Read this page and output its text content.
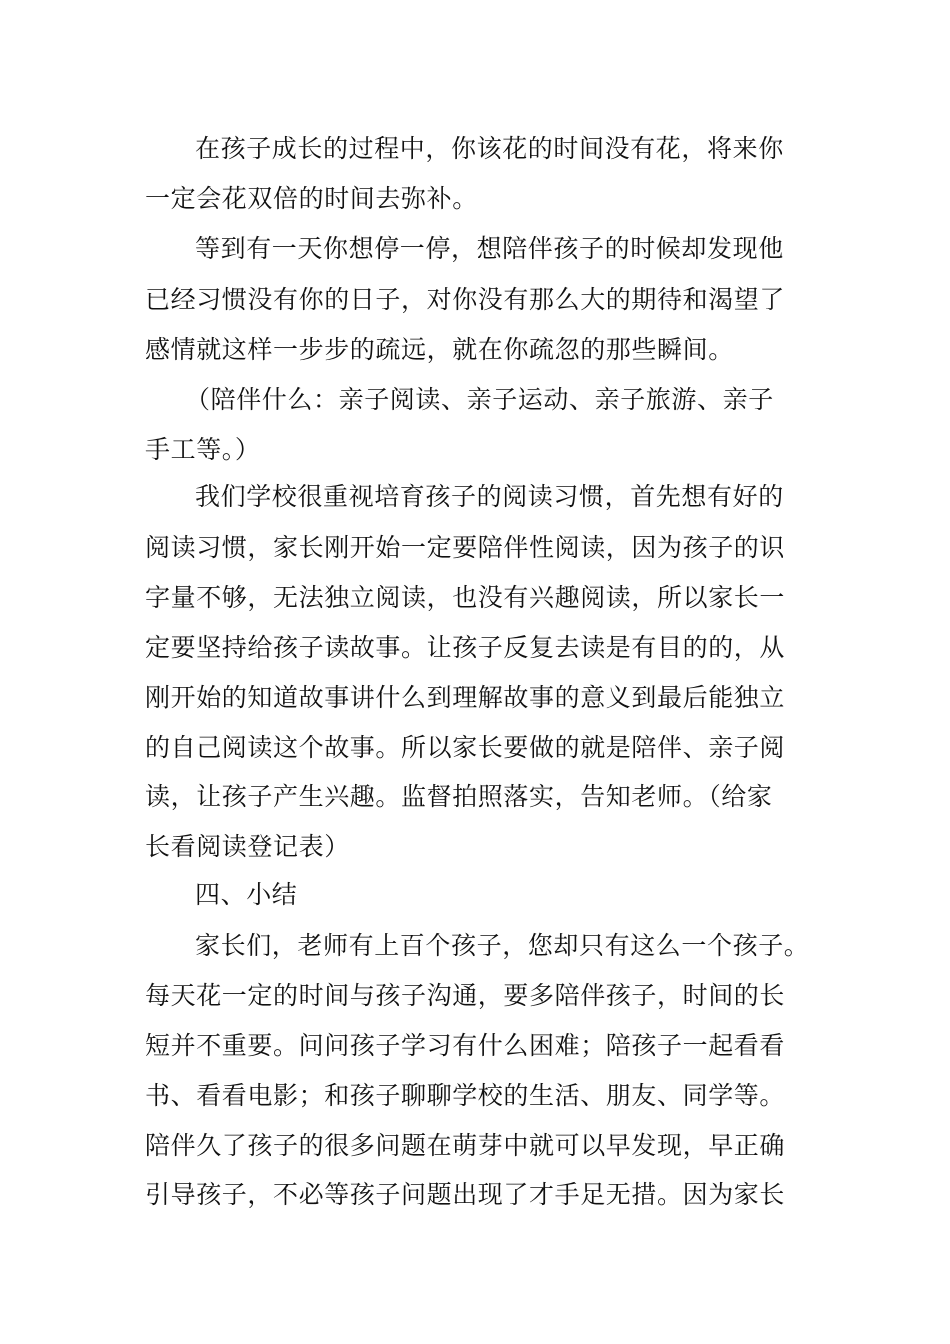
在孩子成长的过程中，你该花的时间没有花，将来你
一定会花双倍的时间去弥补。
等到有一天你想停一停，想陪伴孩子的时候却发现他
已经习惯没有你的日子，对你没有那么大的期待和渴望了
感情就这样一步步的疏远，就在你疏忽的那些瞬间。
（陪伴什么：亲子阅读、亲子运动、亲子旅游、亲子
手工等。）
我们学校很重视培育孩子的阅读习惯，首先想有好的
阅读习惯，家长刚开始一定要陪伴性阅读，因为孩子的识
字量不够，无法独立阅读，也没有兴趣阅读，所以家长一
定要坚持给孩子读故事。让孩子反复去读是有目的的，从
刚开始的知道故事讲什么到理解故事的意义到最后能独立
的自己阅读这个故事。所以家长要做的就是陪伴、亲子阅
读，让孩子产生兴趣。监督拍照落实，告知老师。（给家
长看阅读登记表）
四、小结
家长们，老师有上百个孩子，您却只有这么一个孩子。
每天花一定的时间与孩子沟通，要多陪伴孩子，时间的长
短并不重要。问问孩子学习有什么困难；陪孩子一起看看
书、看看电影；和孩子聊聊学校的生活、朋友、同学等。
陪伴久了孩子的很多问题在萌芽中就可以早发现，早正确
引导孩子，不必等孩子问题出现了才手足无措。因为家长
